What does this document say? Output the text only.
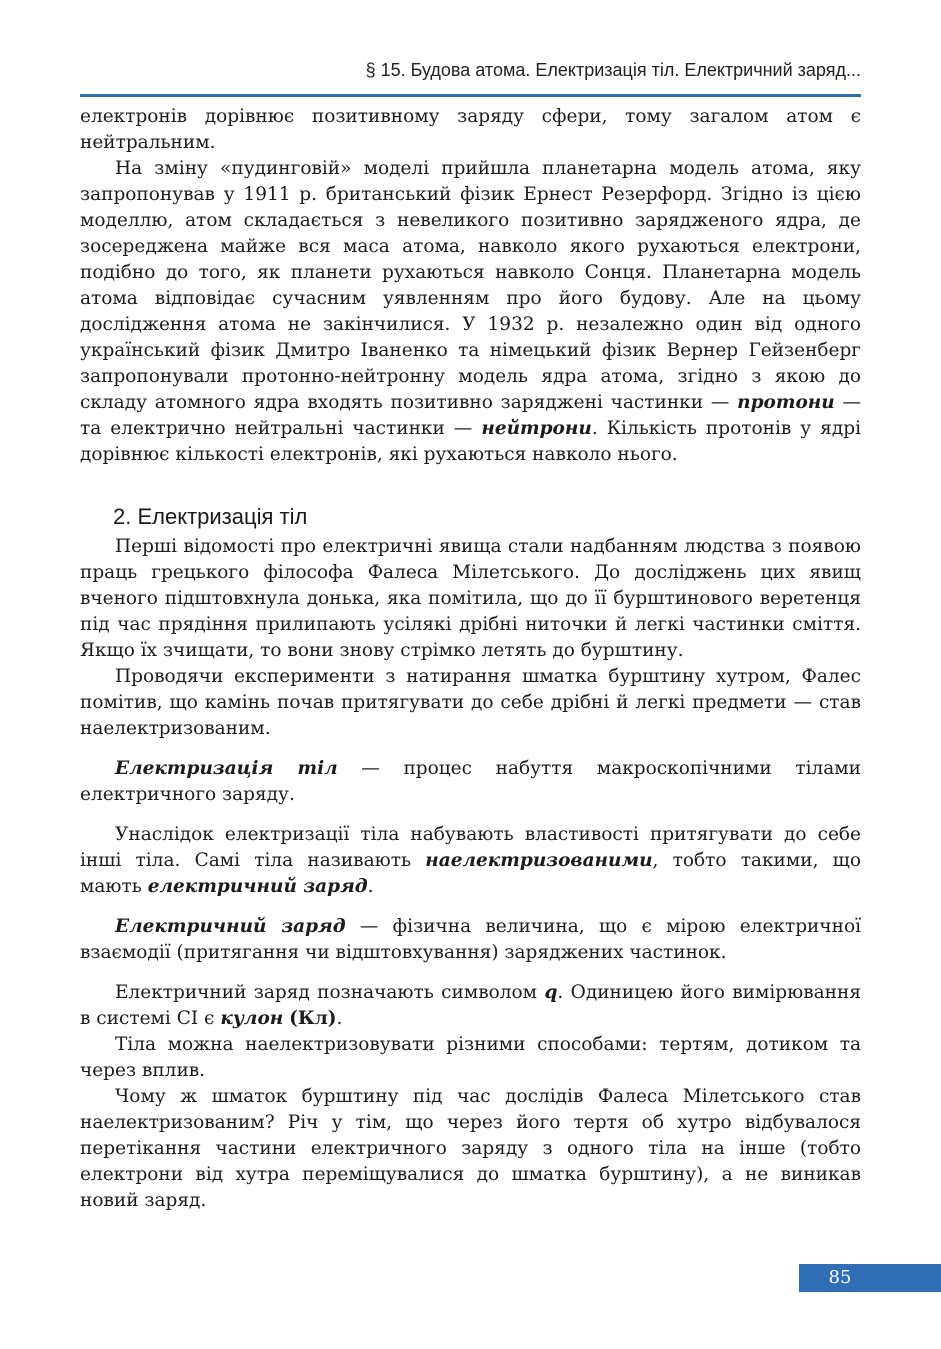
§ 15. Будова атома. Електризація тіл. Електричний заряд...

електронів дорівнює позитивному заряду сфери, тому загалом атом є нейтральним.

На зміну «пудинговій» моделі прийшла планетарна модель атома, яку запропонував у 1911 р. британський фізик Ернест Резерфорд. Згідно із цією моделлю, атом складається з невеликого позитивно зарядженого ядра, де зосереджена майже вся маса атома, навколо якого рухаються електрони, подібно до того, як планети рухаються навколо Сонця. Планетарна модель атома відповідає сучасним уявленням про його будову. Але на цьому дослідження атома не закінчилися. У 1932 р. незалежно один від одного український фізик Дмитро Іваненко та німецький фізик Вернер Гейзенберг запропонували протонно-нейтронну модель ядра атома, згідно з якою до складу атомного ядра входять позитивно заряджені частинки — протони — та електрично нейтральні частинки — нейтрони. Кількість протонів у ядрі дорівнює кількості електронів, які рухаються навколо нього.

2. Електризація тіл

Перші відомості про електричні явища стали надбанням людства з появою праць грецького філософа Фалеса Мілетського. До досліджень цих явищ вченого підштовхнула донька, яка помітила, що до її бурштинового веретенця під час прядіння прилипають усілякі дрібні ниточки й легкі частинки сміття. Якщо їх зчищати, то вони знову стрімко летять до бурштину.

Проводячи експерименти з натирання шматка бурштину хутром, Фалес помітив, що камінь почав притягувати до себе дрібні й легкі предмети — став наелектризованим.

Електризація тіл — процес набуття макроскопічними тілами електричного заряду.

Унаслідок електризації тіла набувають властивості притягувати до себе інші тіла. Самі тіла називають наелектризованими, тобто такими, що мають електричний заряд.

Електричний заряд — фізична величина, що є мірою електричної взаємодії (притягання чи відштовхування) заряджених частинок.

Електричний заряд позначають символом q. Одиницею його вимірювання в системі СІ є кулон (Кл).

Тіла можна наелектризовувати різними способами: тертям, дотиком та через вплив.

Чому ж шматок бурштину під час дослідів Фалеса Мілетського став наелектризованим? Річ у тім, що через його тертя об хутро відбувалося перетікання частини електричного заряду з одного тіла на інше (тобто електрони від хутра переміщувалися до шматка бурштину), а не виникав новий заряд.

85
